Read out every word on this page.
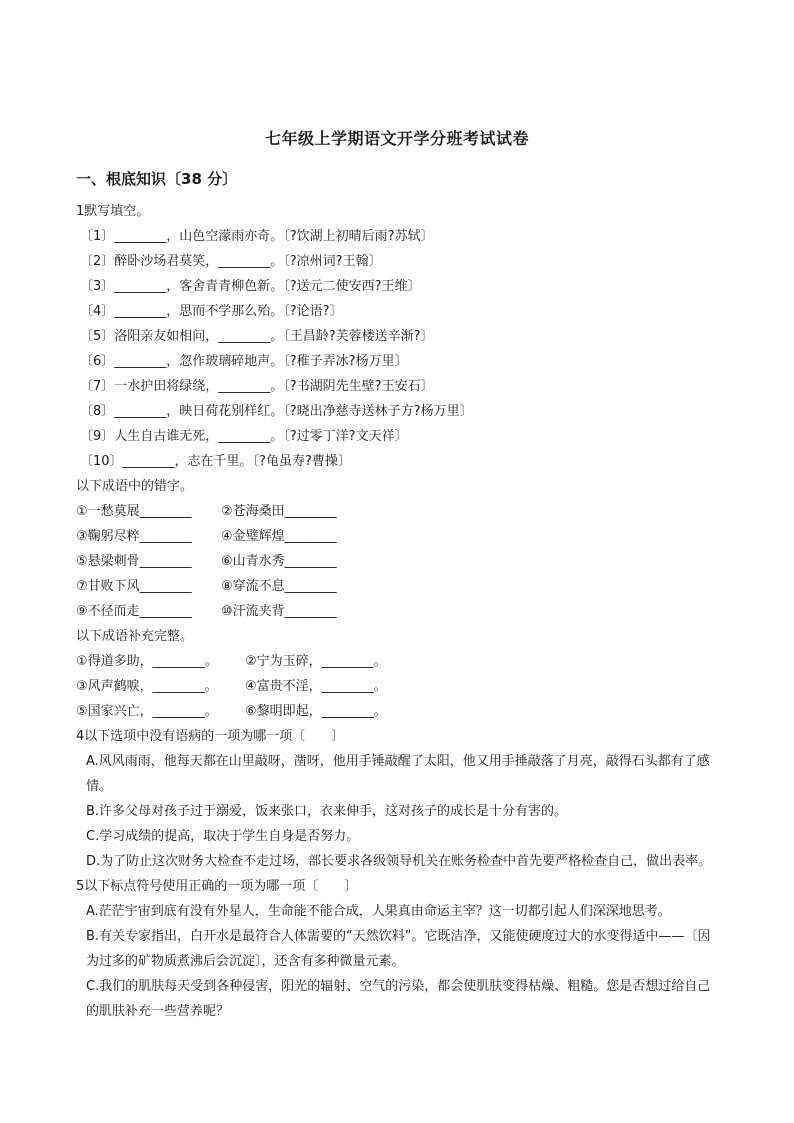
七年级上学期语文开学分班考试试卷
一、根底知识〔38 分〕
1默写填空。
〔1〕________，山色空濛雨亦奇。〔?饮湖上初晴后雨?苏轼〕
〔2〕醉卧沙场君莫笑，________。〔?凉州词?王翰〕
〔3〕________，客舍青青柳色新。〔?送元二使安西?王维〕
〔4〕________，思而不学那么殆。〔?论语?〕
〔5〕洛阳亲友如相问，________。〔王昌龄?芙蓉楼送辛渐?〕
〔6〕________，忽作玻璃碎地声。〔?稚子弄冰?杨万里〕
〔7〕一水护田将绿绕，________。〔?书湖阴先生壁?王安石〕
〔8〕________，映日荷花别样红。〔?晓出净慈寺送林子方?杨万里〕
〔9〕人生自古谁无死，________。〔?过零丁洋?文天祥〕
〔10〕________，志在千里。〔?龟虽寿?曹操〕
以下成语中的错字。
①一愁莫展________	②苍海桑田________
③鞠躬尽粹________	④金璧辉煌________
⑤悬梁刺骨________	⑥山青水秀________
⑦甘败下风________	⑧穿流不息________
⑨不径而走________	⑩汗流夹背________
以下成语补充完整。
①得道多助，________。	②宁为玉碎，________。
③风声鹤唳，________。	④富贵不淫，________。
⑤国家兴亡，________。	⑥黎明即起，________。
4以下选项中没有语病的一项为哪一项〔　　〕
A.风风雨雨，他每天都在山里敲呀，凿呀，他用手锤敲醒了太阳，他又用手捶敲落了月亮，敲得石头都有了感情。
B.许多父母对孩子过于溺爱，饭来张口，衣来伸手，这对孩子的成长是十分有害的。
C.学习成绩的提高，取决于学生自身是否努力。
D.为了防止这次财务大检查不走过场，部长要求各级领导机关在账务检查中首先要严格检查自己，做出表率。
5以下标点符号使用正确的一项为哪一项〔　　〕
A.茫茫宇宙到底有没有外星人，生命能不能合成，人果真由命运主宰？这一切都引起人们深深地思考。
B.有关专家指出，白开水是最符合人体需要的“天然饮料”。它既洁净，又能使硬度过大的水变得适中——〔因为过多的矿物质煮沸后会沉淀〕，还含有多种微量元素。
C.我们的肌肤每天受到各种侵害，阳光的辐射、空气的污染，都会使肌肤变得枯燥、粗糙。您是否想过给自己的肌肤补充一些营养呢？
